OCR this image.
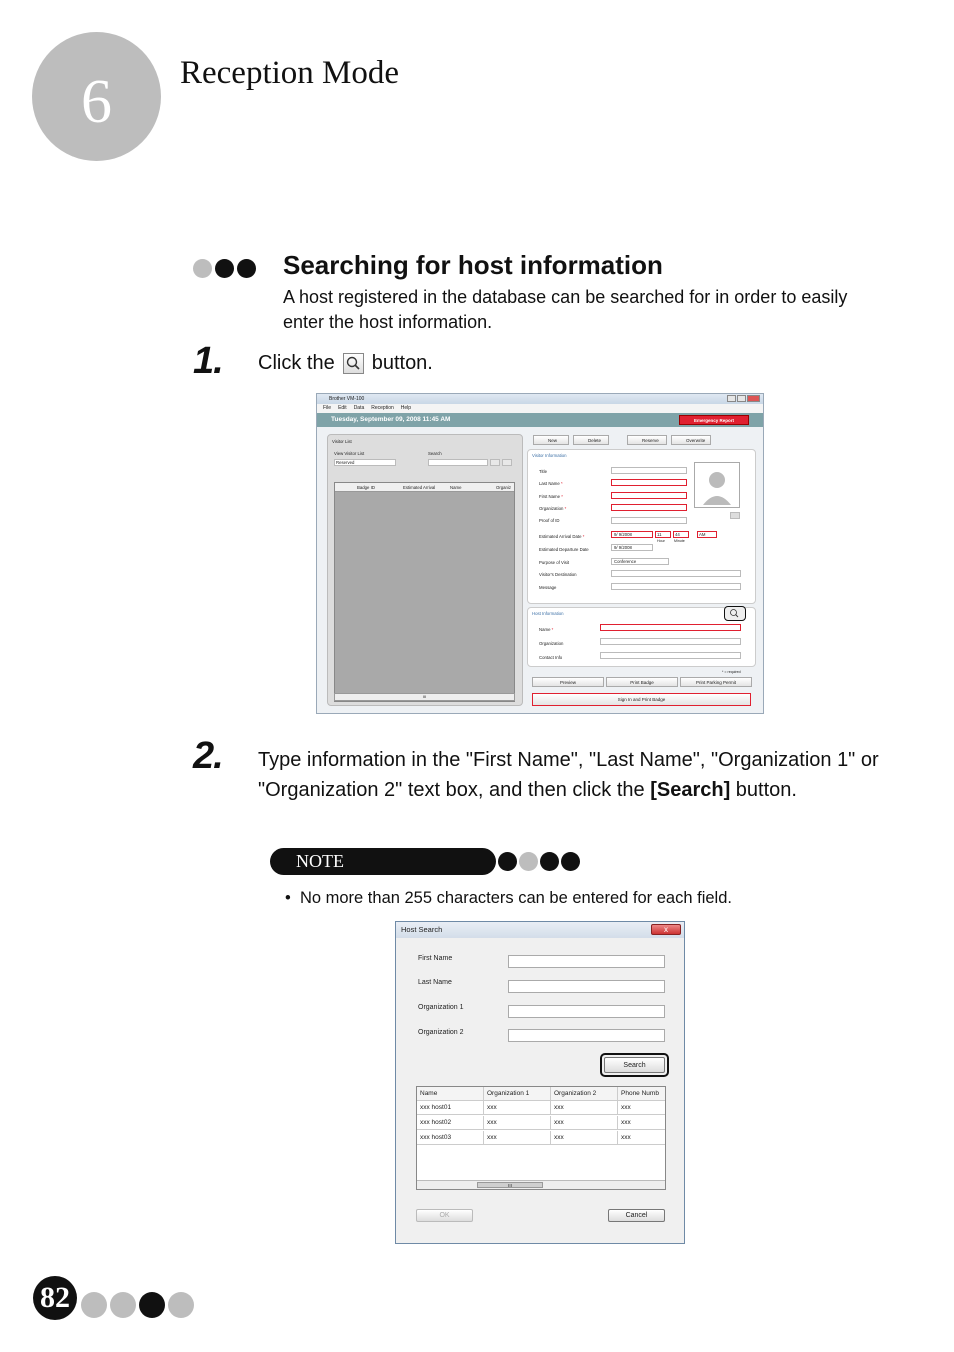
6	Reception Mode
Searching for host information
A host registered in the database can be searched for in order to easily enter the host information.
1. Click the button.
Brother VM-100
File Edit Data Reception Help
Tuesday, September 09, 2008 11:45 AM	Emergency Report
Visitor List
View Visitor List	Search
Reserved
Badge ID	Estimated Arrival	Name	Organiz
III
New	Delete	Reserve	Overwrite
Visitor Information
Title
Last Name *
First Name *
Organization *
Proof of ID
Estimated Arrival Date *
Estimated Departure Date
Purpose of Visit
Visitor's Destination
Message
9/ 9/2008	11	44	AM
Hour	Minute
9/ 9/2008
Conference
Host Information
Name *
Organization
Contact Info
* = required
Preview	Print Badge	Print Parking Permit
Sign In and Print Badge
2. Type information in the "First Name", "Last Name", "Organization 1" or "Organization 2" text box, and then click the [Search] button.
NOTE
• No more than 255 characters can be entered for each field.
Host Search	x
First Name
Last Name
Organization 1
Organization 2
Search
Name	Organization 1	Organization 2	Phone Numb
xxx host01	xxx	xxx	xxx
xxx host02	xxx	xxx	xxx
xxx host03	xxx	xxx	xxx
III
OK	Cancel
82
